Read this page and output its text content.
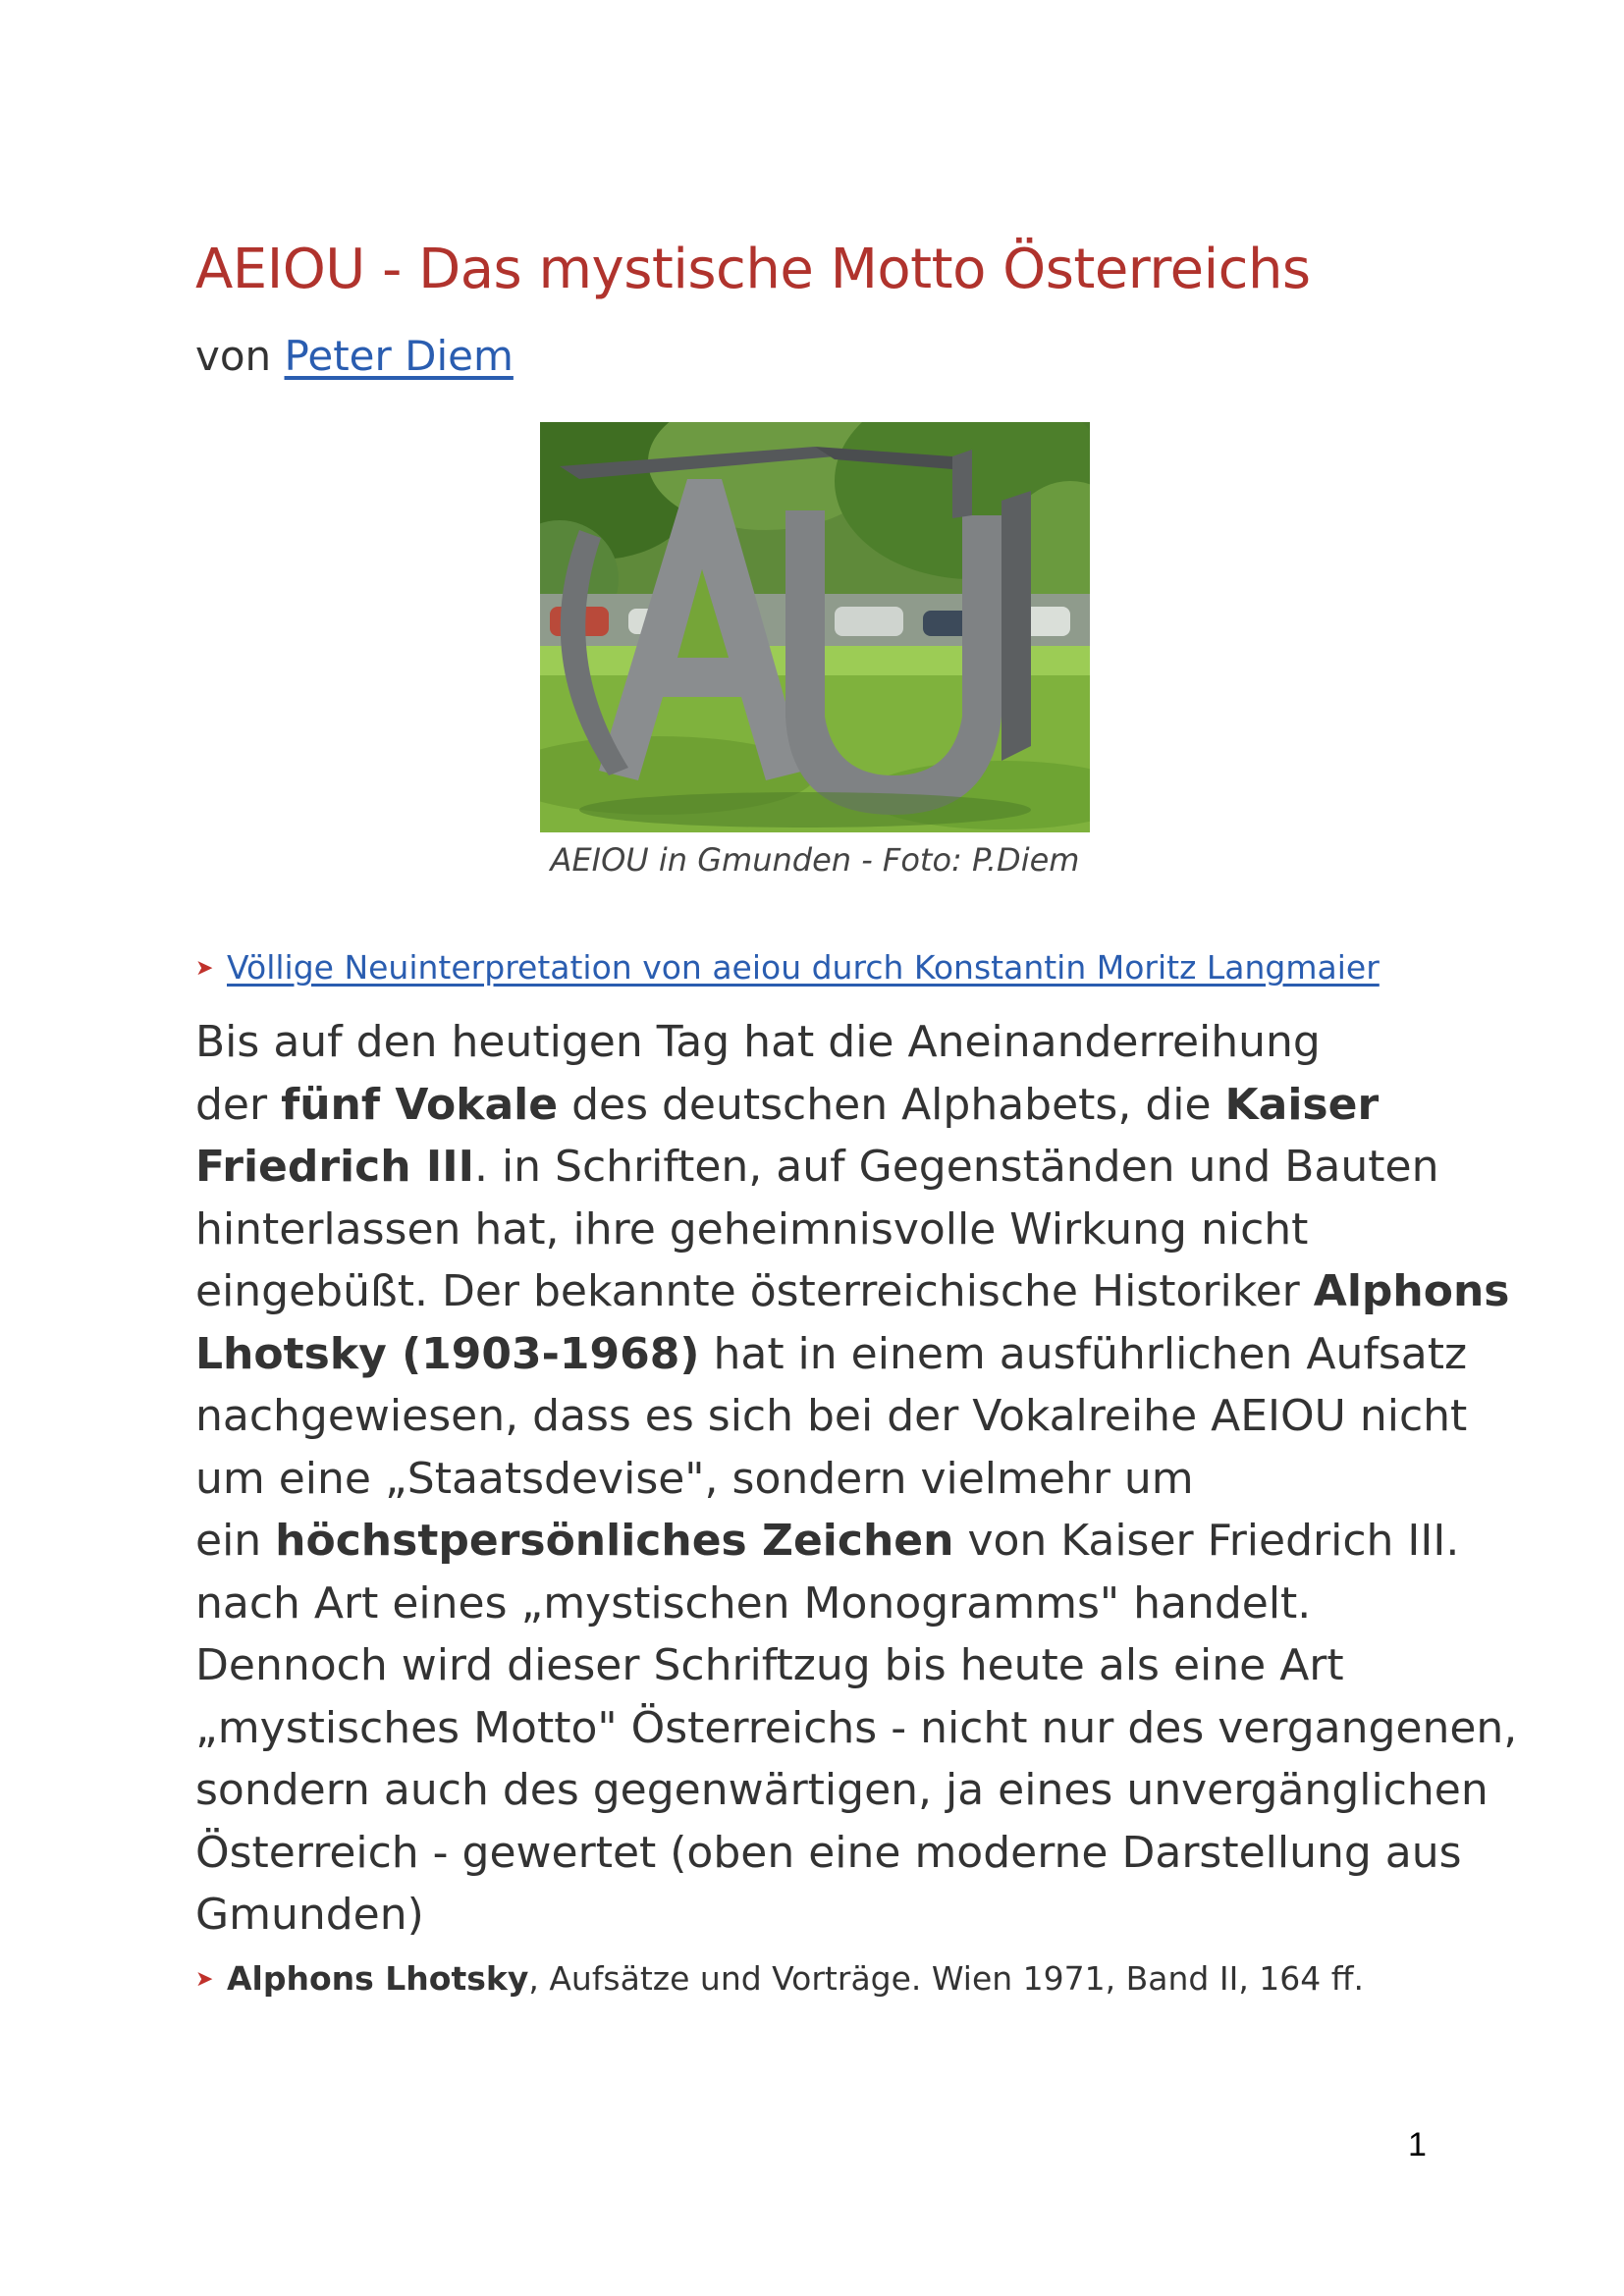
AEIOU - Das mystische Motto Österreichs
von Peter Diem
AEIOU in Gmunden - Foto: P.Diem
➤ Völlige Neuinterpretation von aeiou durch Konstantin Moritz Langmaier
Bis auf den heutigen Tag hat die Aneinanderreihung
der fünf Vokale des deutschen Alphabets, die Kaiser
Friedrich III. in Schriften, auf Gegenständen und Bauten
hinterlassen hat, ihre geheimnisvolle Wirkung nicht
eingebüßt. Der bekannte österreichische Historiker Alphons
Lhotsky (1903-1968) hat in einem ausführlichen Aufsatz
nachgewiesen, dass es sich bei der Vokalreihe AEIOU nicht
um eine „Staatsdevise", sondern vielmehr um
ein höchstpersönliches Zeichen von Kaiser Friedrich III.
nach Art eines „mystischen Monogramms" handelt.
Dennoch wird dieser Schriftzug bis heute als eine Art
„mystisches Motto" Österreichs - nicht nur des vergangenen,
sondern auch des gegenwärtigen, ja eines unvergänglichen
Österreich - gewertet (oben eine moderne Darstellung aus
Gmunden)
➤ Alphons Lhotsky, Aufsätze und Vorträge. Wien 1971, Band II, 164 ff.
1
